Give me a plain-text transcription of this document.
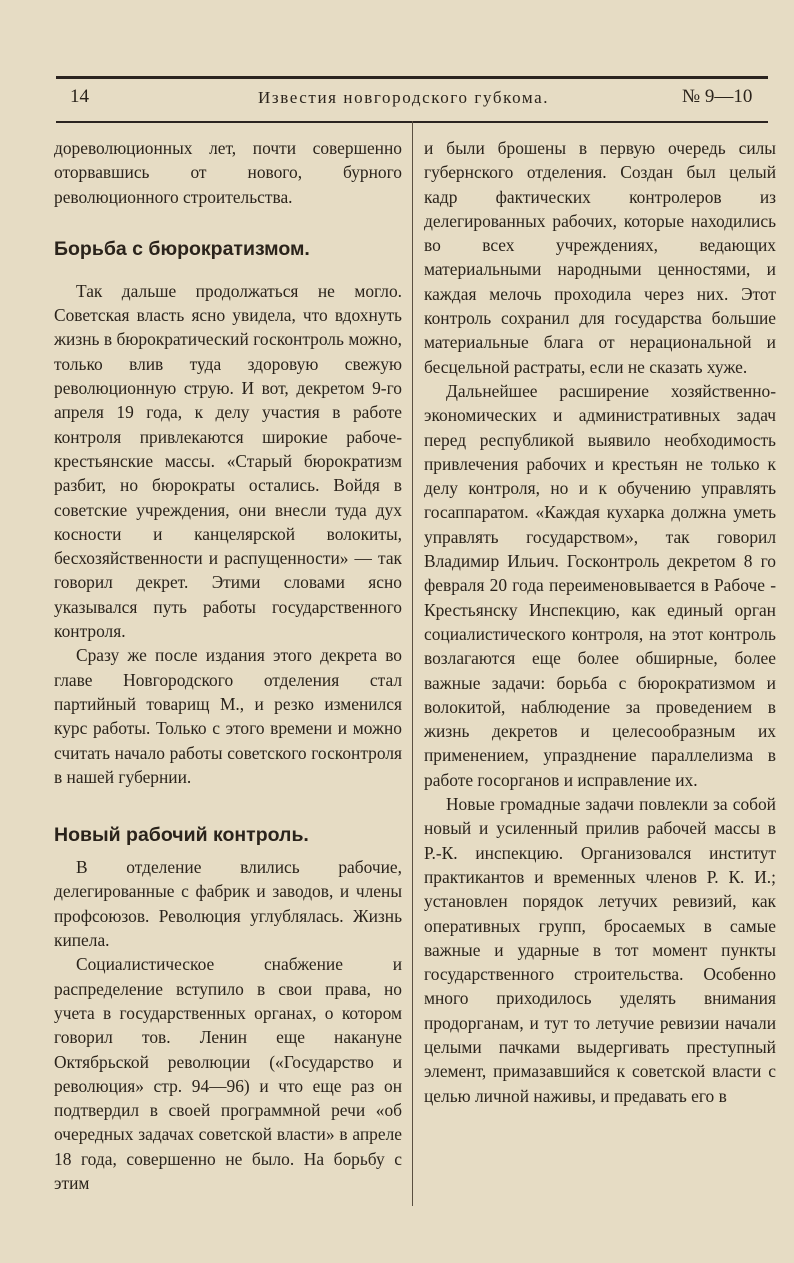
14	Известия новгородского губкома.	№ 9—10

дореволюционных лет, почти совершенно оторвавшись от нового, бурного революционного строительства.

Борьба с бюрократизмом.

Так дальше продолжаться не могло. Советская власть ясно увидела, что вдохнуть жизнь в бюрократический госконтроль можно, только влив туда здоровую свежую революционную струю. И вот, декретом 9-го апреля 19 года, к делу участия в работе контроля привлекаются широкие рабоче-крестьянские массы. «Старый бюрократизм разбит, но бюрократы остались. Войдя в советские учреждения, они внесли туда дух косности и канцелярской волокиты, бесхозяйственности и распущенности» — так говорил декрет. Этими словами ясно указывался путь работы государственного контроля.

Сразу же после издания этого декрета во главе Новгородского отделения стал партийный товарищ М., и резко изменился курс работы. Только с этого времени и можно считать начало работы советского госконтроля в нашей губернии.

Новый рабочий контроль.

В отделение влились рабочие, делегированные с фабрик и заводов, и члены профсоюзов. Революция углублялась. Жизнь кипела.

Социалистическое снабжение и распределение вступило в свои права, но учета в государственных органах, о котором говорил тов. Ленин еще накануне Октябрьской революции («Государство и революция» стр. 94—96) и что еще раз он подтвердил в своей программной речи «об очередных задачах советской власти» в апреле 18 года, совершенно не было. На борьбу с этим

и были брошены в первую очередь силы губернского отделения. Создан был целый кадр фактических контролеров из делегированных рабочих, которые находились во всех учреждениях, ведающих материальными народными ценностями, и каждая мелочь проходила через них. Этот контроль сохранил для государства большие материальные блага от нерациональной и бесцельной растраты, если не сказать хуже.

Дальнейшее расширение хозяйственно-экономических и административных задач перед республикой выявило необходимость привлечения рабочих и крестьян не только к делу контроля, но и к обучению управлять госаппаратом. «Каждая кухарка должна уметь управлять государством», так говорил Владимир Ильич. Госконтроль декретом 8 го февраля 20 года переименовывается в Рабоче - Крестьянску Инспекцию, как единый орган социалистического контроля, на этот контроль возлагаются еще более обширные, более важные задачи: борьба с бюрократизмом и волокитой, наблюдение за проведением в жизнь декретов и целесообразным их применением, упразднение параллелизма в работе госорганов и исправление их.

Новые громадные задачи повлекли за собой новый и усиленный прилив рабочей массы в Р.-К. инспекцию. Организовался институт практикантов и временных членов Р. К. И.; установлен порядок летучих ревизий, как оперативных групп, бросаемых в самые важные и ударные в тот момент пункты государственного строительства. Особенно много приходилось уделять внимания продорганам, и тут то летучие ревизии начали целыми пачками выдергивать преступный элемент, примазавшийся к советской власти с целью личной наживы, и предавать его в
